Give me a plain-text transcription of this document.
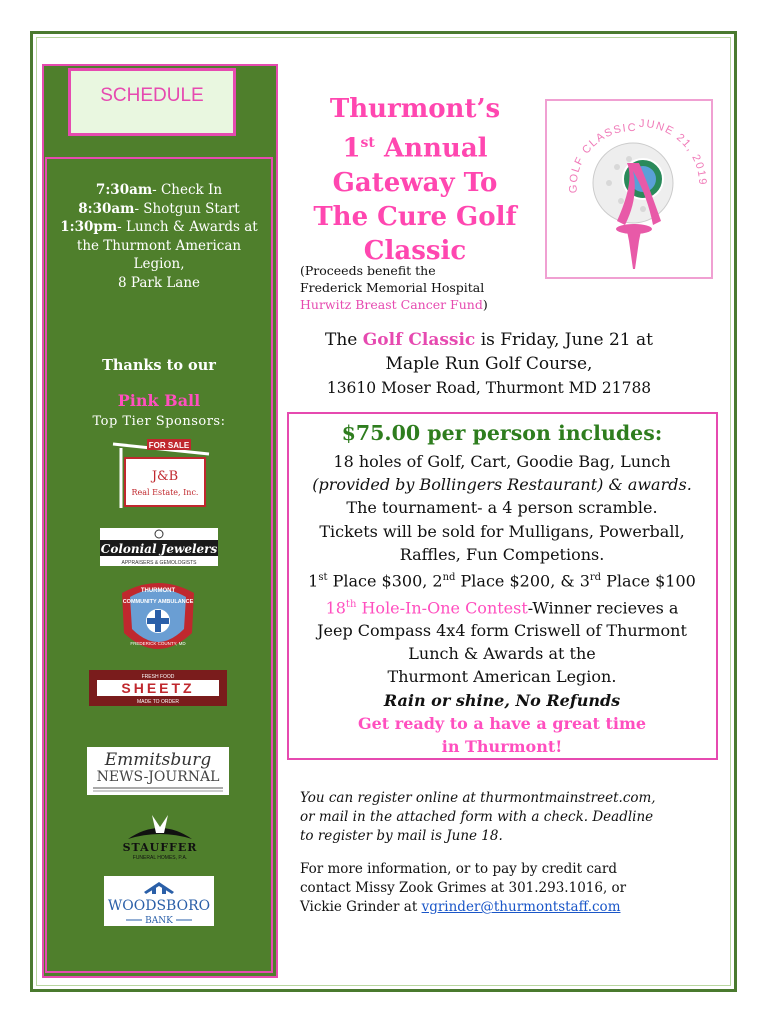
SCHEDULE
7:30am- Check In
8:30am- Shotgun Start
1:30pm- Lunch & Awards at the Thurmont American Legion,
8 Park Lane
Thanks to our
Pink Ball
Top Tier Sponsors:
FOR SALE
J&B
Real Estate, Inc.
Colonial Jewelers
APPRAISERS & GEMOLOGISTS
THURMONT
COMMUNITY AMBULANCE
FREDERICK COUNTY, MD
FRESH FOOD
SHEETZ
MADE TO ORDER
Emmitsburg
NEWS-JOURNAL
STAUFFER
FUNERAL HOMES, P.A.
WOODSBORO
BANK
Thurmont’s
1st Annual
Gateway To
The Cure Golf
Classic
(Proceeds benefit the
Frederick Memorial Hospital
Hurwitz Breast Cancer Fund)
GOLF CLASSIC JUNE 21, 2019
The Golf Classic is Friday, June 21 at
Maple Run Golf Course,
13610 Moser Road, Thurmont MD 21788
$75.00 per person includes:
18 holes of Golf, Cart, Goodie Bag, Lunch
(provided by Bollingers Restaurant) & awards.
The tournament- a 4 person scramble.
Tickets will be sold for Mulligans, Powerball,
Raffles, Fun Competions.
1st Place $300, 2nd Place $200, & 3rd Place $100
18th Hole-In-One Contest-Winner recieves a
Jeep Compass 4x4 form Criswell of Thurmont
Lunch & Awards at the
Thurmont American Legion.
Rain or shine, No Refunds
Get ready to a have a great time
in Thurmont!
You can register online at thurmontmainstreet.com,
or mail in the attached form with a check. Deadline
to register by mail is June 18.
For more information, or to pay by credit card
contact Missy Zook Grimes at 301.293.1016, or
Vickie Grinder at vgrinder@thurmontstaff.com
